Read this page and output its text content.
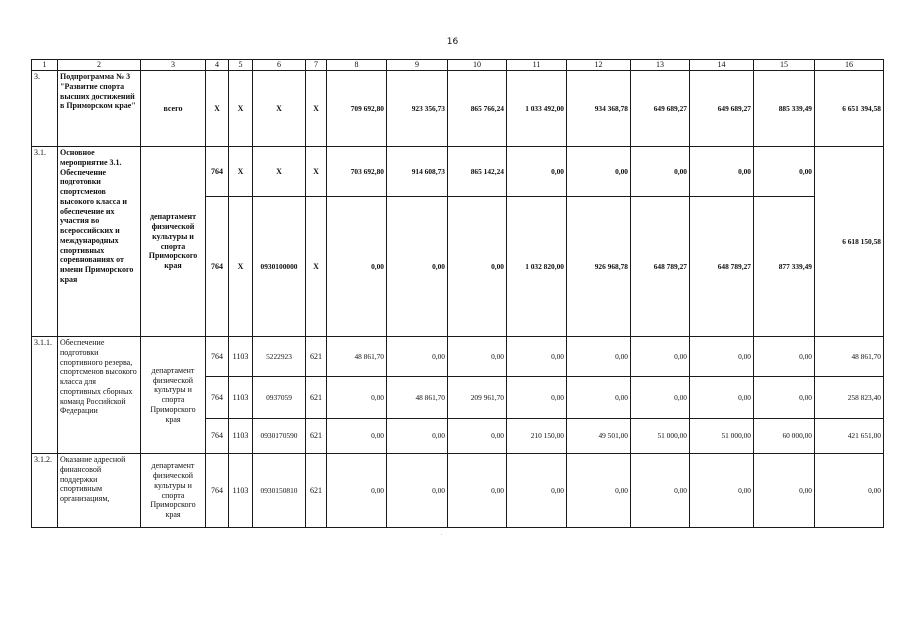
16
1	2	3	4	5	6	7	8	9	10	11	12	13	14	15	16
3.	Подпрограмма № 3 "Развитие спорта высших достижений в Приморском крае"	всего	X	X	X	X	709 692,80	923 356,73	865 766,24	1 033 492,00	934 368,78	649 689,27	649 689,27	885 339,49	6 651 394,58
3.1.	Основное мероприятие 3.1. Обеспечение подготовки спортсменов высокого класса и обеспечение их участия во всероссийских и международных спортивных соревнованиях от имени Приморского края	департамент физической культуры и спорта Приморского края	764	X	X	X	703 692,80	914 608,73	865 142,24	0,00	0,00	0,00	0,00	0,00	6 618 150,58
			764	X	0930100000	X	0,00	0,00	0,00	1 032 820,00	926 968,78	648 789,27	648 789,27	877 339,49	
3.1.1.	Обеспечение подготовки спортивного резерва, спортсменов высокого класса для спортивных сборных команд Российской Федерации	департамент физической культуры и спорта Приморского края	764	1103	5222923	621	48 861,70	0,00	0,00	0,00	0,00	0,00	0,00	0,00	48 861,70
			764	1103	0937059	621	0,00	48 861,70	209 961,70	0,00	0,00	0,00	0,00	0,00	258 823,40
			764	1103	0930170590	621	0,00	0,00	0,00	210 150,00	49 501,00	51 000,00	51 000,00	60 000,00	421 651,00
3.1.2.	Оказание адресной финансовой поддержки спортивным организациям,	департамент физической культуры и спорта Приморского края	764	1103	0930150810	621	0,00	0,00	0,00	0,00	0,00	0,00	0,00	0,00	0,00
.
